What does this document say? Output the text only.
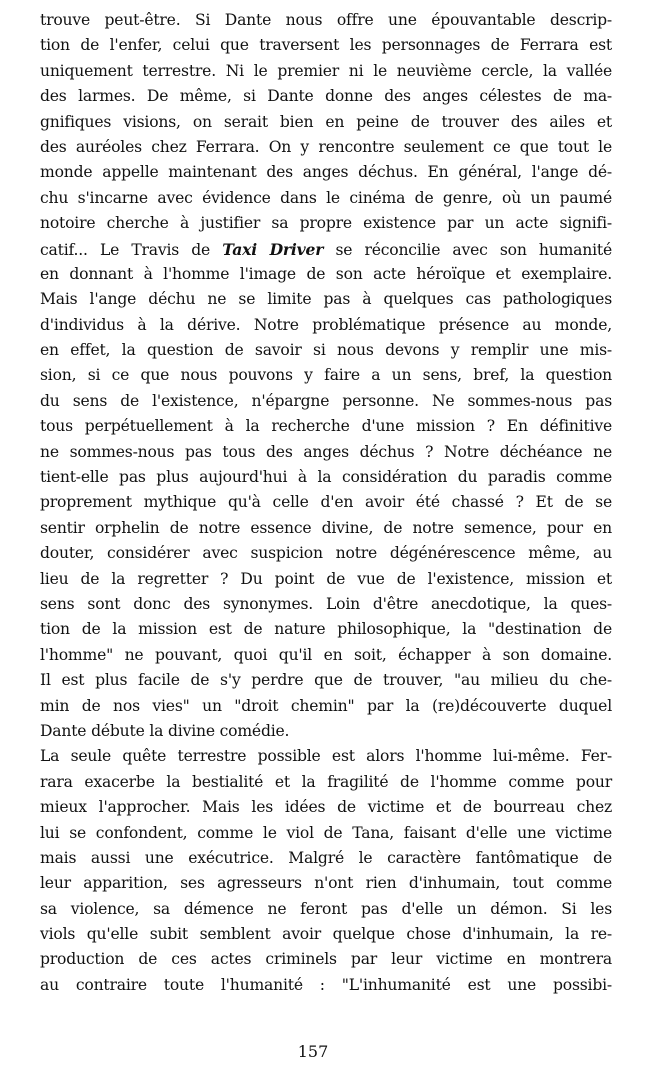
trouve peut-être. Si Dante nous offre une épouvantable descrip-
tion de l'enfer, celui que traversent les personnages de Ferrara est
uniquement terrestre. Ni le premier ni le neuvième cercle, la vallée
des larmes. De même, si Dante donne des anges célestes de ma-
gnifiques visions, on serait bien en peine de trouver des ailes et
des auréoles chez Ferrara. On y rencontre seulement ce que tout le
monde appelle maintenant des anges déchus. En général, l'ange dé-
chu s'incarne avec évidence dans le cinéma de genre, où un paumé
notoire cherche à justifier sa propre existence par un acte signifi-
catif... Le Travis de Taxi Driver se réconcilie avec son humanité
en donnant à l'homme l'image de son acte héroïque et exemplaire.
Mais l'ange déchu ne se limite pas à quelques cas pathologiques
d'individus à la dérive. Notre problématique présence au monde,
en effet, la question de savoir si nous devons y remplir une mis-
sion, si ce que nous pouvons y faire a un sens, bref, la question
du sens de l'existence, n'épargne personne. Ne sommes-nous pas
tous perpétuellement à la recherche d'une mission ? En définitive
ne sommes-nous pas tous des anges déchus ? Notre déchéance ne
tient-elle pas plus aujourd'hui à la considération du paradis comme
proprement mythique qu'à celle d'en avoir été chassé ? Et de se
sentir orphelin de notre essence divine, de notre semence, pour en
douter, considérer avec suspicion notre dégénérescence même, au
lieu de la regretter ? Du point de vue de l'existence, mission et
sens sont donc des synonymes. Loin d'être anecdotique, la ques-
tion de la mission est de nature philosophique, la "destination de
l'homme" ne pouvant, quoi qu'il en soit, échapper à son domaine.
Il est plus facile de s'y perdre que de trouver, "au milieu du che-
min de nos vies" un "droit chemin" par la (re)découverte duquel
Dante débute la divine comédie.
La seule quête terrestre possible est alors l'homme lui-même. Fer-
rara exacerbe la bestialité et la fragilité de l'homme comme pour
mieux l'approcher. Mais les idées de victime et de bourreau chez
lui se confondent, comme le viol de Tana, faisant d'elle une victime
mais aussi une exécutrice. Malgré le caractère fantômatique de
leur apparition, ses agresseurs n'ont rien d'inhumain, tout comme
sa violence, sa démence ne feront pas d'elle un démon. Si les
viols qu'elle subit semblent avoir quelque chose d'inhumain, la re-
production de ces actes criminels par leur victime en montrera
au contraire toute l'humanité : "L'inhumanité est une possibi-
157
